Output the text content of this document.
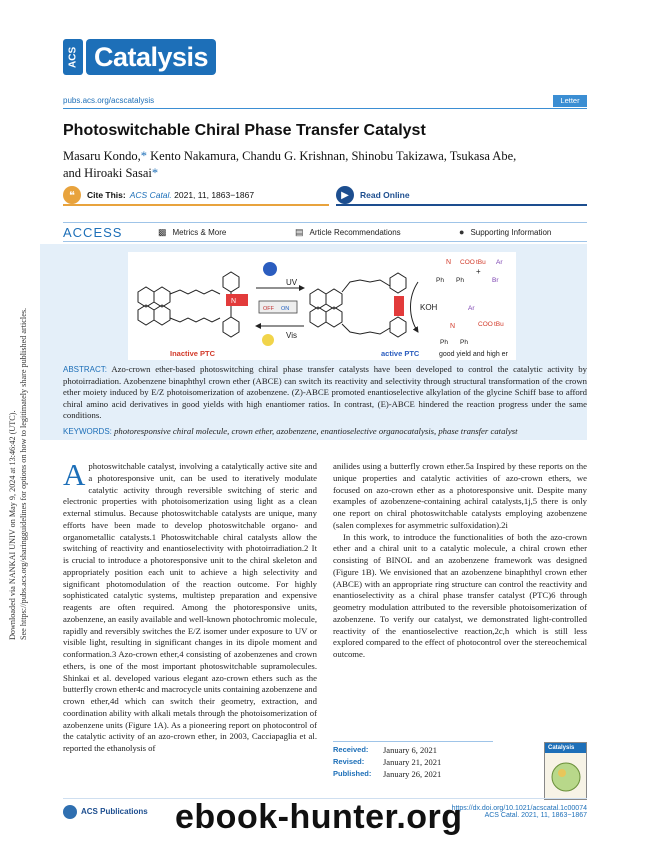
Downloaded via NANKAI UNIV on May 9, 2024 at 13:46:42 (UTC). See https://pubs.acs.org/sharingguidelines for options on how to legitimately share published articles.
ACS Catalysis
pubs.acs.org/acscatalysis	Letter
Photoswitchable Chiral Phase Transfer Catalyst
Masaru Kondo,* Kento Nakamura, Chandu G. Krishnan, Shinobu Takizawa, Tsukasa Abe,
and Hiroaki Sasai*
❝	Cite This: ACS Catal. 2021, 11, 1863−1867	▶	Read Online
ACCESS	▩ Metrics & More	▤ Article Recommendations	● Supporting Information
N
Inactive PTC
UV
OFF ON
Vis
active PTC
KOH
N COO tBu
Ph Ph
+
Ar
Br
Ar
N	COO tBu
Ph Ph
good yield and high er
ABSTRACT: Azo-crown ether-based photoswitching chiral phase transfer catalysts have been developed to control the catalytic activity by photoirradiation. Azobenzene binaphthyl crown ether (ABCE) can switch its reactivity and selectivity through structural transformation of the crown ether moiety induced by E/Z photoisomerization of azobenzene. (Z)-ABCE promoted enantioselective alkylation of the glycine Schiff base to afford chiral amino acid derivatives in good yields with high enantiomer ratios. In contrast, (E)-ABCE hindered the reaction progress under the same conditions.
KEYWORDS: photoresponsive chiral molecule, crown ether, azobenzene, enantioselective organocatalysis, phase transfer catalyst

Aphotoswitchable catalyst, involving a catalytically active site and a photoresponsive unit, can be used to iteratively modulate catalytic activity through reversible switching of steric and electronic properties with photoisomerization using light as a clean external stimulus. Because photoswitchable catalysts are unique, many efforts have been made to develop photoswitchable organo- and organometallic catalysts.1 Photoswitchable chiral catalysts allow the switching of reactivity and enantioselectivity with photoirradiation.2 It is crucial to introduce a photoresponsive unit to the chiral skeleton and appropriately position each unit to achieve a high selectivity and significant photomodulation of the reaction outcome. For highly sophisticated catalytic systems, multistep preparation and expensive reagents are often required. Among the photoresponsive units, azobenzene, an easily available and well-known photochromic molecule, rapidly and reversibly switches the E/Z isomer under exposure to UV or visible light, resulting in significant changes in its dipole moment and conformation.3 Azo-crown ether,4 consisting of azobenzenes and crown ethers, is one of the most important photoswitchable supramolecules. Shinkai et al. developed various elegant azo-crown ethers such as the butterfly crown ether4c and macrocycle units containing azobenzene and crown ether,4d which can switch their geometry, extraction, and coordination ability with alkali metals through the photoisomerization of azobenzene units (Figure 1A). As a pioneering report on photocontrol of the catalytic activity of an azo-crown ether, in 2003, Cacciapaglia et al. reported the ethanolysis of

anilides using a butterfly crown ether.5a Inspired by these reports on the unique properties and catalytic activities of azo-crown ethers, we focused on azo-crown ether as a photoresponsive unit. Despite many examples of azobenzene-containing achiral catalysts,1j,5 there is only one report on chiral photoswitchable catalysts employing azobenzene (salen complexes for asymmetric sulfoxidation).2i

In this work, to introduce the functionalities of both the azo-crown ether and a chiral unit to a catalytic molecule, a chiral crown ether consisting of BINOL and an azobenzene framework was designed (Figure 1B). We envisioned that an azobenzene binaphthyl crown ether (ABCE) with an appropriate ring structure can control the reactivity and enantioselectivity as a chiral phase transfer catalyst (PTC)6 through geometry modulation attributed to the reversible photoisomerization of azobenzene. To verify our catalyst, we demonstrated light-controlled reactivity of the enantioselective reaction,2c,h which is still less explored compared to the effect of photocontrol over the stereochemical outcome.

Received:	January 6, 2021
Revised:	January 21, 2021
Published:	January 26, 2021
Catalysis
ACS Publications	https://dx.doi.org/10.1021/acscatal.1c00074
ACS Catal. 2021, 11, 1863−1867
ebook-hunter.org
